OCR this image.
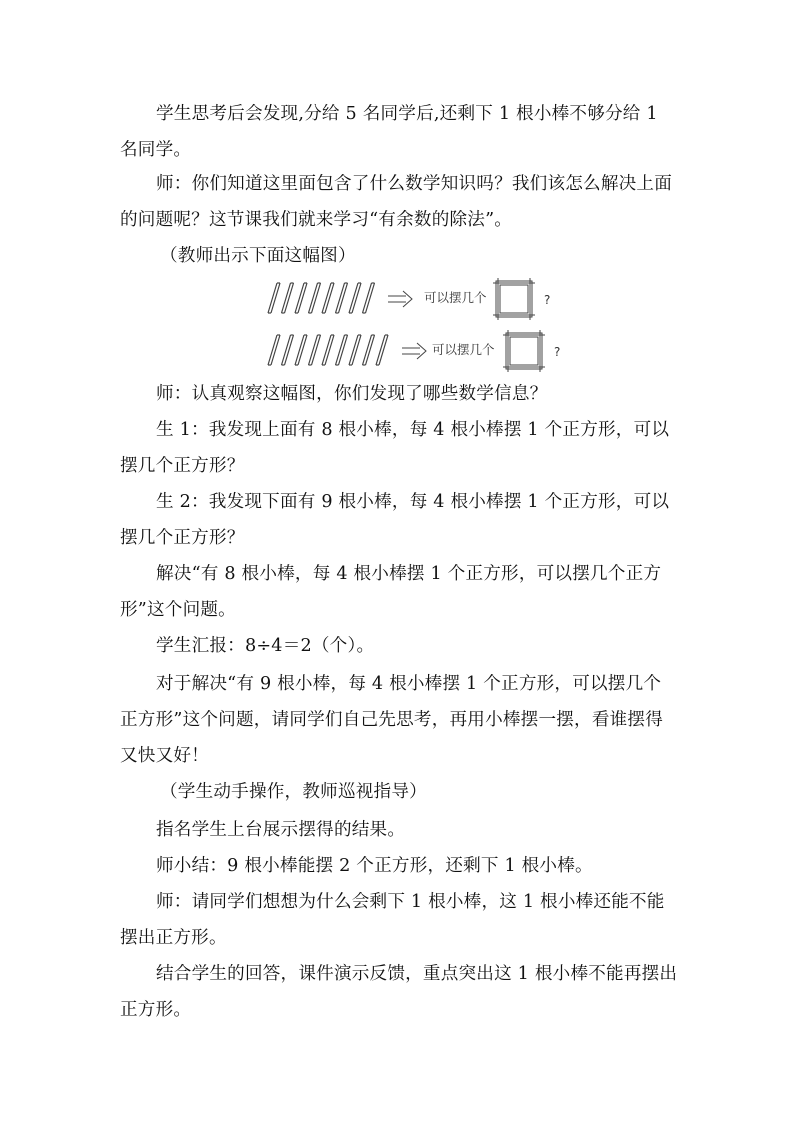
学生思考后会发现,分给 5 名同学后,还剩下 1 根小棒不够分给 1 名同学。

师：你们知道这里面包含了什么数学知识吗？我们该怎么解决上面的问题呢？这节课我们就来学习“有余数的除法”。

（教师出示下面这幅图）

可以摆几个	?
可以摆几个	?

师：认真观察这幅图，你们发现了哪些数学信息？

生 1：我发现上面有 8 根小棒，每 4 根小棒摆 1 个正方形，可以摆几个正方形？

生 2：我发现下面有 9 根小棒，每 4 根小棒摆 1 个正方形，可以摆几个正方形？

解决“有 8 根小棒，每 4 根小棒摆 1 个正方形，可以摆几个正方形”这个问题。

学生汇报：8÷4＝2（个）。

对于解决“有 9 根小棒，每 4 根小棒摆 1 个正方形，可以摆几个正方形”这个问题，请同学们自己先思考，再用小棒摆一摆，看谁摆得又快又好！

（学生动手操作，教师巡视指导）

指名学生上台展示摆得的结果。

师小结：9 根小棒能摆 2 个正方形，还剩下 1 根小棒。

师：请同学们想想为什么会剩下 1 根小棒，这 1 根小棒还能不能摆出正方形。

结合学生的回答，课件演示反馈，重点突出这 1 根小棒不能再摆出正方形。
